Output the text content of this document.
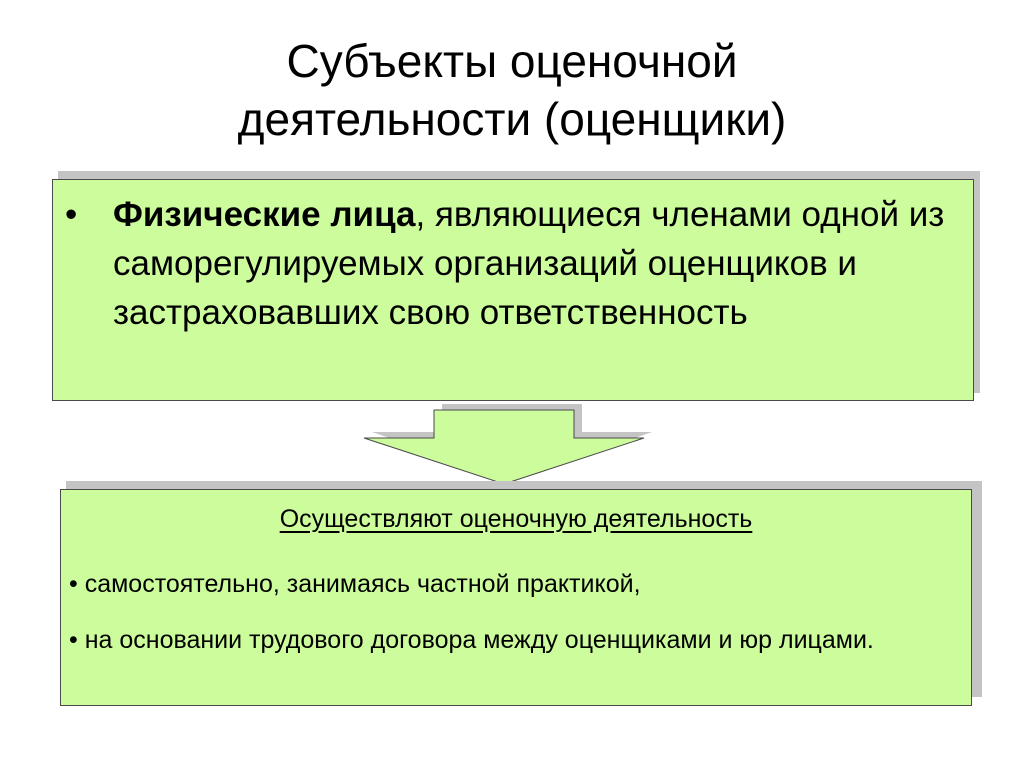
Субъекты оценочной
деятельности (оценщики)
•	Физические лица, являющиеся членами одной из саморегулируемых организаций оценщиков и застраховавших свою ответственность
Осуществляют оценочную деятельность
• самостоятельно, занимаясь частной практикой,
• на основании трудового договора между оценщиками и юр лицами.
